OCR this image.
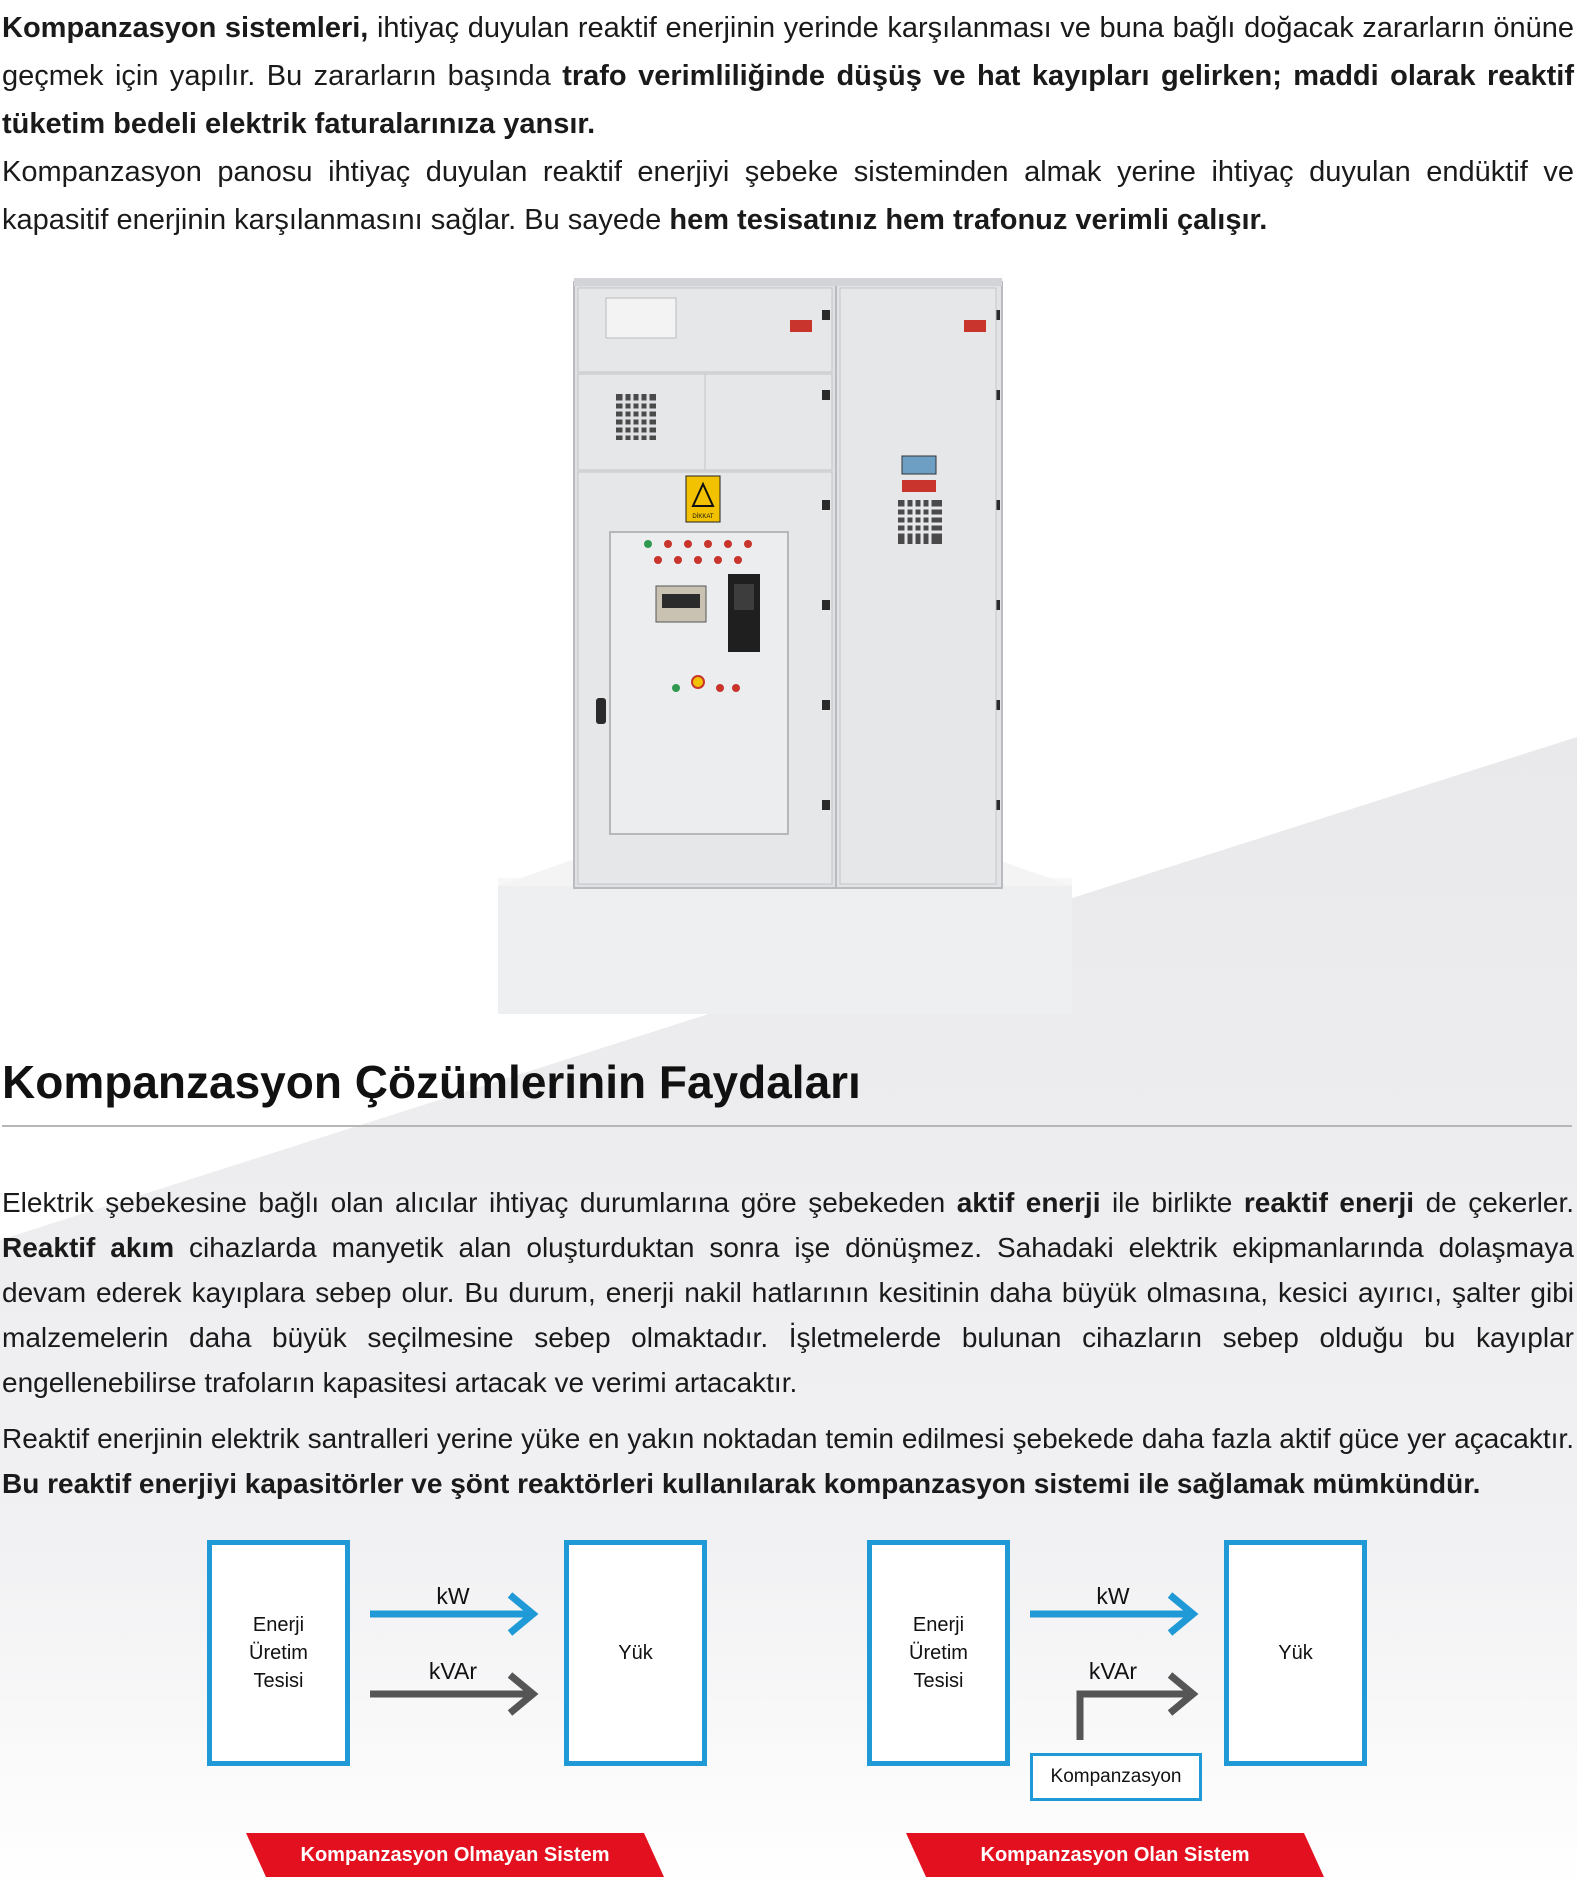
Kompanzasyon sistemleri, ihtiyaç duyulan reaktif enerjinin yerinde karşılanması ve buna bağlı doğacak zararların önüne geçmek için yapılır. Bu zararların başında trafo verimliliğinde düşüş ve hat kayıpları gelirken; maddi olarak reaktif tüketim bedeli elektrik faturalarınıza yansır.

Kompanzasyon panosu ihtiyaç duyulan reaktif enerjiyi şebeke sisteminden almak yerine ihtiyaç duyulan endüktif ve kapasitif enerjinin karşılanmasını sağlar. Bu sayede hem tesisatınız hem trafonuz verimli çalışır.

DİKKAT
Kompanzasyon Çözümlerinin Faydaları

Elektrik şebekesine bağlı olan alıcılar ihtiyaç durumlarına göre şebekeden aktif enerji ile birlikte reaktif enerji de çekerler. Reaktif akım cihazlarda manyetik alan oluşturduktan sonra işe dönüşmez. Sahadaki elektrik ekipmanlarında dolaşmaya devam ederek kayıplara sebep olur. Bu durum, enerji nakil hatlarının kesitinin daha büyük olmasına, kesici ayırıcı, şalter gibi malzemelerin daha büyük seçilmesine sebep olmaktadır. İşletmelerde bulunan cihazların sebep olduğu bu kayıplar engellenebilirse trafoların kapasitesi artacak ve verimi artacaktır.

Reaktif enerjinin elektrik santralleri yerine yüke en yakın noktadan temin edilmesi şebekede daha fazla aktif güce yer açacaktır. Bu reaktif enerjiyi kapasitörler ve şönt reaktörleri kullanılarak kompanzasyon sistemi ile sağlamak mümkündür.

Enerji
Üretim
Tesisi
kW
kVAr
Yük
Enerji
Üretim
Tesisi
kW
kVAr
Yük
Kompanzasyon
Kompanzasyon Olmayan Sistem	Kompanzasyon Olan Sistem
